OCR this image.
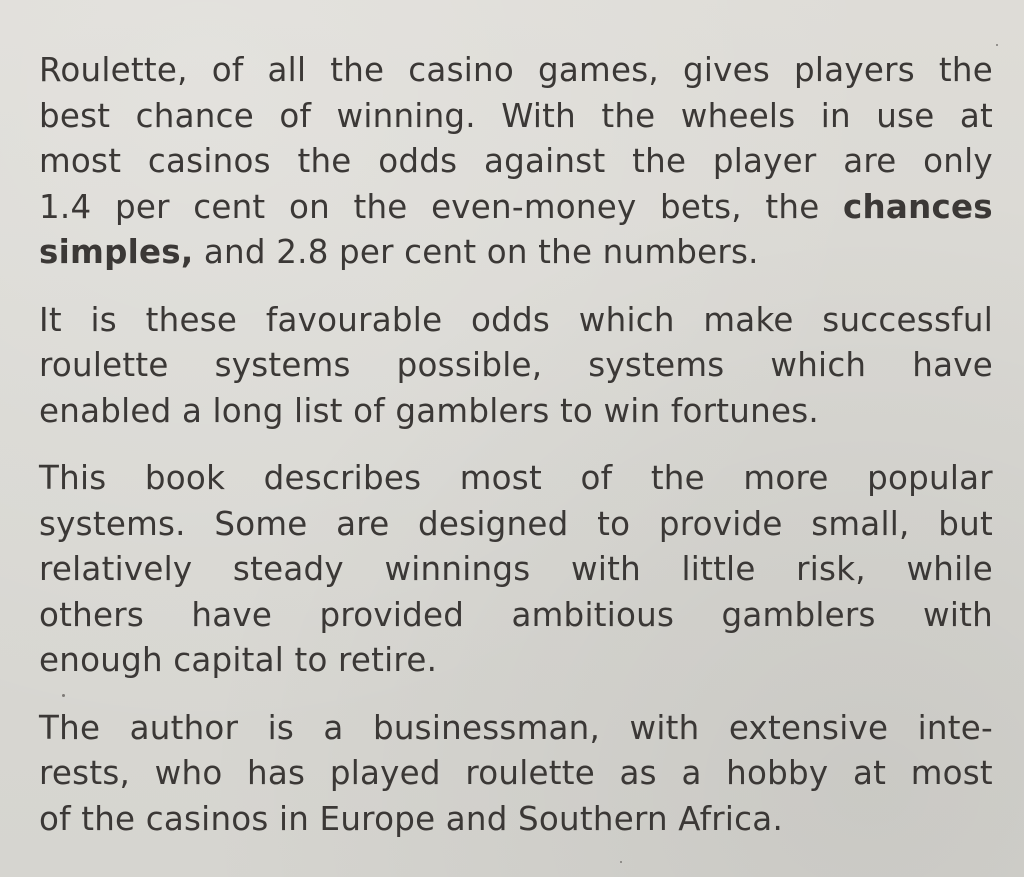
Roulette, of all the casino games, gives players the
best chance of winning. With the wheels in use at
most casinos the odds against the player are only
1.4 per cent on the even-money bets, the chances
simples, and 2.8 per cent on the numbers.
It is these favourable odds which make successful
roulette systems possible, systems which have
enabled a long list of gamblers to win fortunes.
This book describes most of the more popular
systems. Some are designed to provide small, but
relatively steady winnings with little risk, while
others have provided ambitious gamblers with
enough capital to retire.
The author is a businessman, with extensive inte-
rests, who has played roulette as a hobby at most
of the casinos in Europe and Southern Africa.
